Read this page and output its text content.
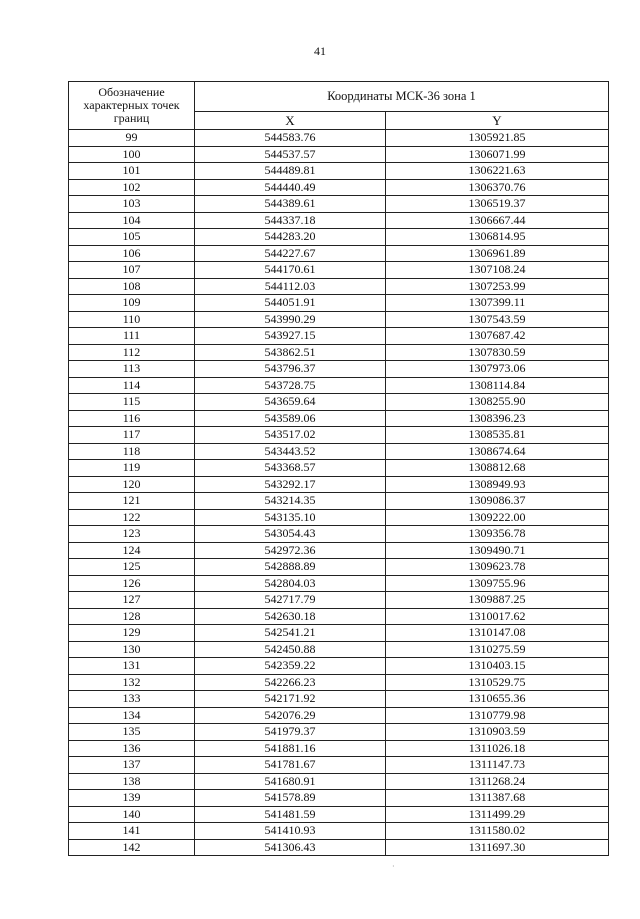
41
Обозначение характерных точек границ	Координаты МСК-36 зона 1	
	X	Y
99	544583.76	1305921.85
100	544537.57	1306071.99
101	544489.81	1306221.63
102	544440.49	1306370.76
103	544389.61	1306519.37
104	544337.18	1306667.44
105	544283.20	1306814.95
106	544227.67	1306961.89
107	544170.61	1307108.24
108	544112.03	1307253.99
109	544051.91	1307399.11
110	543990.29	1307543.59
111	543927.15	1307687.42
112	543862.51	1307830.59
113	543796.37	1307973.06
114	543728.75	1308114.84
115	543659.64	1308255.90
116	543589.06	1308396.23
117	543517.02	1308535.81
118	543443.52	1308674.64
119	543368.57	1308812.68
120	543292.17	1308949.93
121	543214.35	1309086.37
122	543135.10	1309222.00
123	543054.43	1309356.78
124	542972.36	1309490.71
125	542888.89	1309623.78
126	542804.03	1309755.96
127	542717.79	1309887.25
128	542630.18	1310017.62
129	542541.21	1310147.08
130	542450.88	1310275.59
131	542359.22	1310403.15
132	542266.23	1310529.75
133	542171.92	1310655.36
134	542076.29	1310779.98
135	541979.37	1310903.59
136	541881.16	1311026.18
137	541781.67	1311147.73
138	541680.91	1311268.24
139	541578.89	1311387.68
140	541481.59	1311499.29
141	541410.93	1311580.02
142	541306.43	1311697.30
·
